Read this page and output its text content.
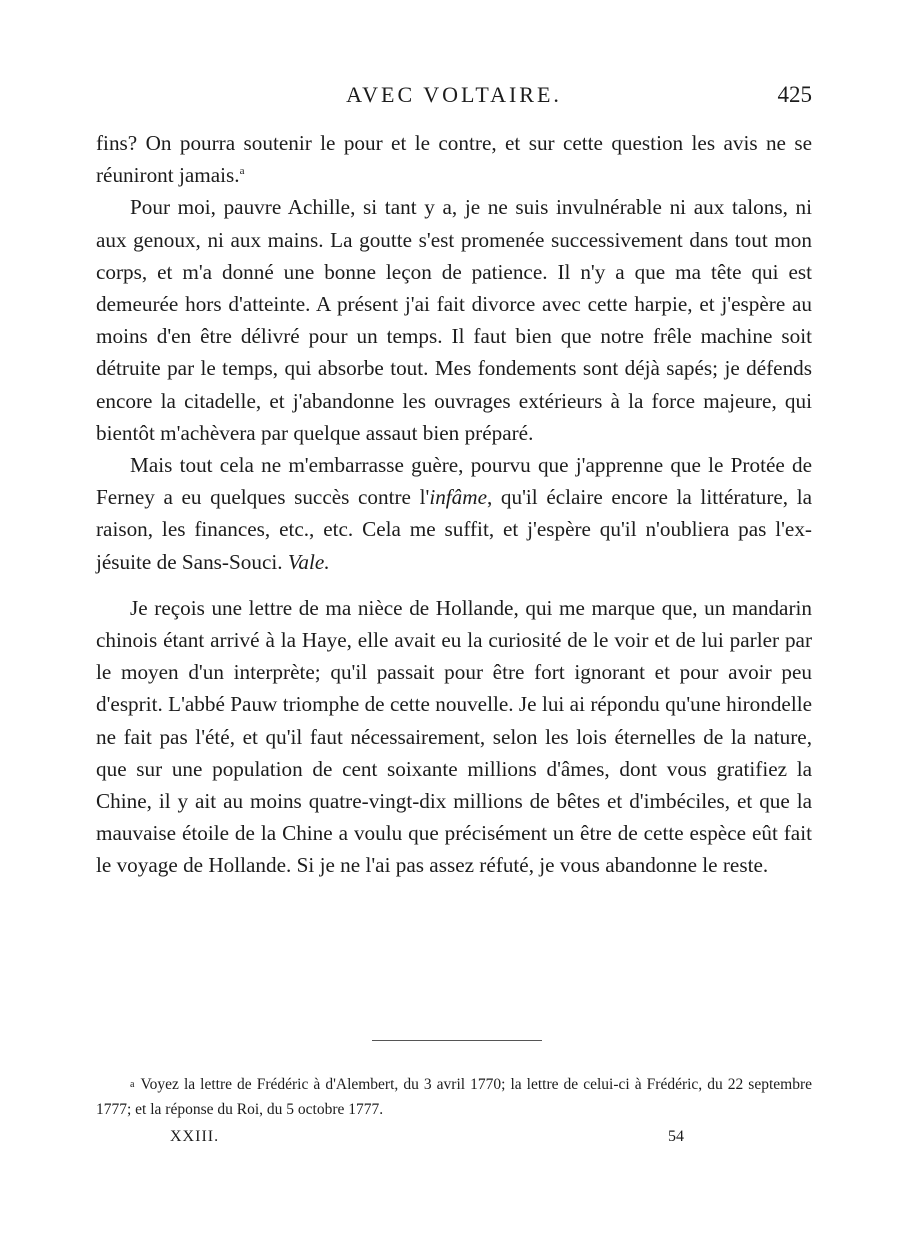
AVEC VOLTAIRE.	425

fins? On pourra soutenir le pour et le contre, et sur cette question les avis ne se réuniront jamais.$^a$

Pour moi, pauvre Achille, si tant y a, je ne suis invulnérable ni aux talons, ni aux genoux, ni aux mains. La goutte s'est promenée successivement dans tout mon corps, et m'a donné une bonne leçon de patience. Il n'y a que ma tête qui est demeurée hors d'atteinte. A présent j'ai fait divorce avec cette harpie, et j'espère au moins d'en être délivré pour un temps. Il faut bien que notre frêle machine soit détruite par le temps, qui absorbe tout. Mes fondements sont déjà sapés; je défends encore la citadelle, et j'abandonne les ouvrages extérieurs à la force majeure, qui bientôt m'achèvera par quelque assaut bien préparé.

Mais tout cela ne m'embarrasse guère, pourvu que j'apprenne que le Protée de Ferney a eu quelques succès contre l'infâme, qu'il éclaire encore la littérature, la raison, les finances, etc., etc. Cela me suffit, et j'espère qu'il n'oubliera pas l'ex-jésuite de Sans-Souci. Vale.

Je reçois une lettre de ma nièce de Hollande, qui me marque que, un mandarin chinois étant arrivé à la Haye, elle avait eu la curiosité de le voir et de lui parler par le moyen d'un interprète; qu'il passait pour être fort ignorant et pour avoir peu d'esprit. L'abbé Pauw triomphe de cette nouvelle. Je lui ai répondu qu'une hirondelle ne fait pas l'été, et qu'il faut nécessairement, selon les lois éternelles de la nature, que sur une population de cent soixante millions d'âmes, dont vous gratifiez la Chine, il y ait au moins quatre-vingt-dix millions de bêtes et d'imbéciles, et que la mauvaise étoile de la Chine a voulu que précisément un être de cette espèce eût fait le voyage de Hollande. Si je ne l'ai pas assez réfuté, je vous abandonne le reste.

a Voyez la lettre de Frédéric à d'Alembert, du 3 avril 1770; la lettre de celui-ci à Frédéric, du 22 septembre 1777; et la réponse du Roi, du 5 octobre 1777.
XXIII.	54
